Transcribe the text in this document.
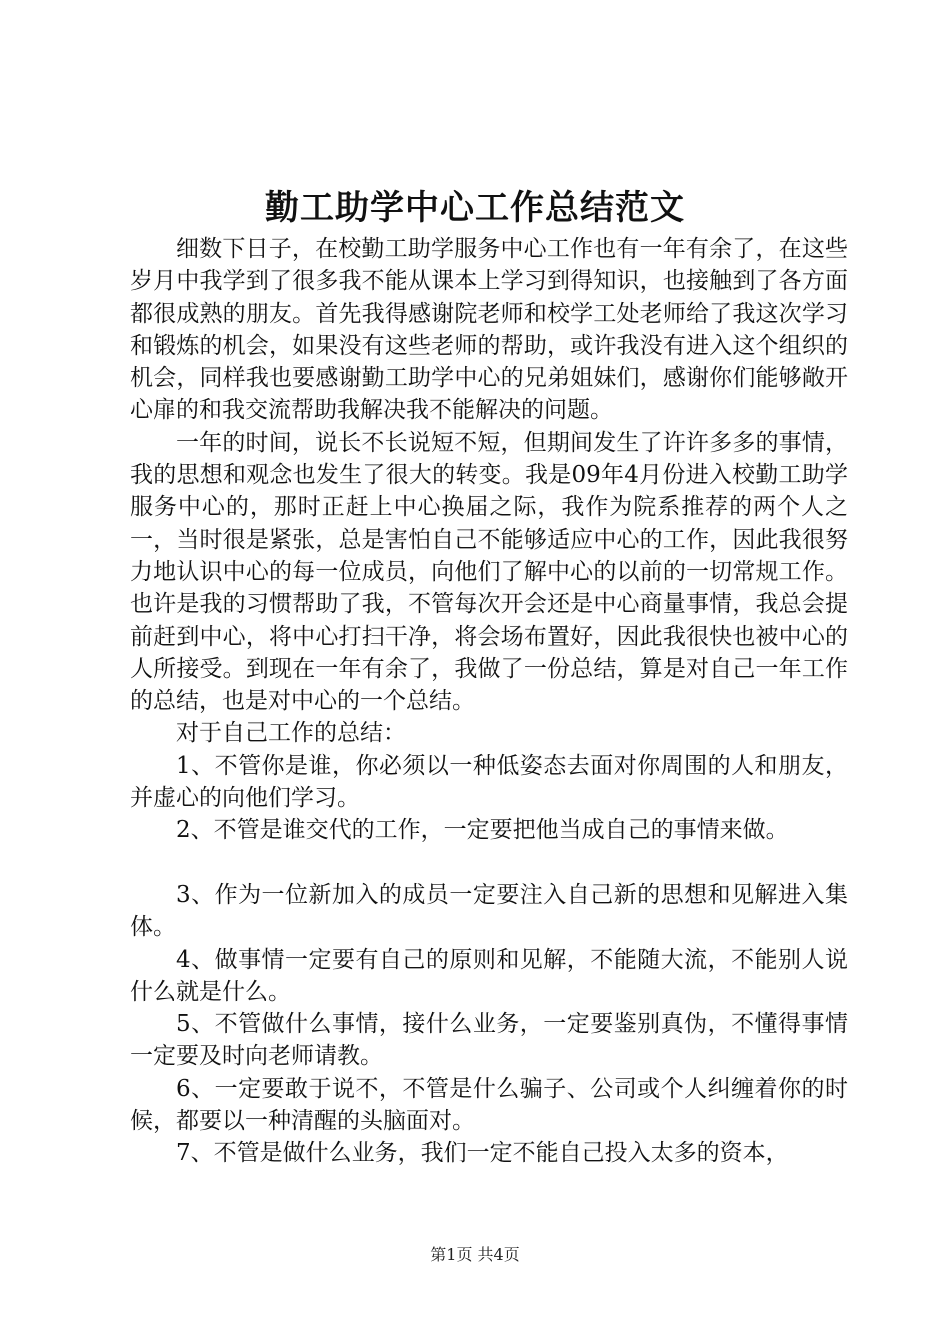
勤工助学中心工作总结范文

细数下日子，在校勤工助学服务中心工作也有一年有余了，在这些岁月中我学到了很多我不能从课本上学习到得知识，也接触到了各方面都很成熟的朋友。首先我得感谢院老师和校学工处老师给了我这次学习和锻炼的机会，如果没有这些老师的帮助，或许我没有进入这个组织的机会，同样我也要感谢勤工助学中心的兄弟姐妹们，感谢你们能够敞开心扉的和我交流帮助我解决我不能解决的问题。

一年的时间，说长不长说短不短，但期间发生了许许多多的事情，我的思想和观念也发生了很大的转变。我是09年4月份进入校勤工助学服务中心的，那时正赶上中心换届之际，我作为院系推荐的两个人之一，当时很是紧张，总是害怕自己不能够适应中心的工作，因此我很努力地认识中心的每一位成员，向他们了解中心的以前的一切常规工作。也许是我的习惯帮助了我，不管每次开会还是中心商量事情，我总会提前赶到中心，将中心打扫干净，将会场布置好，因此我很快也被中心的人所接受。到现在一年有余了，我做了一份总结，算是对自己一年工作的总结，也是对中心的一个总结。

对于自己工作的总结：

1、不管你是谁，你必须以一种低姿态去面对你周围的人和朋友，并虚心的向他们学习。

2、不管是谁交代的工作，一定要把他当成自己的事情来做。

3、作为一位新加入的成员一定要注入自己新的思想和见解进入集体。

4、做事情一定要有自己的原则和见解，不能随大流，不能别人说什么就是什么。

5、不管做什么事情，接什么业务，一定要鉴别真伪，不懂得事情一定要及时向老师请教。

6、一定要敢于说不，不管是什么骗子、公司或个人纠缠着你的时候，都要以一种清醒的头脑面对。

7、不管是做什么业务，我们一定不能自己投入太多的资本，

第1页 共4页
